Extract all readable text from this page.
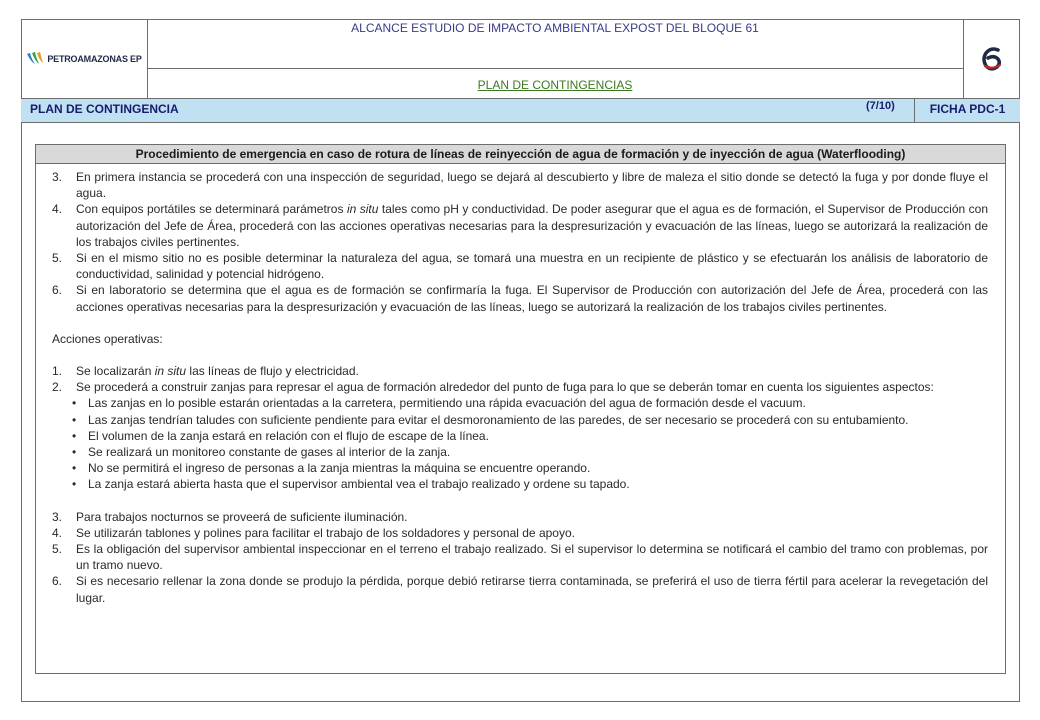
PETROAMAZONAS EP
ALCANCE ESTUDIO DE IMPACTO AMBIENTAL EXPOST DEL BLOQUE 61
PLAN DE CONTINGENCIAS
PLAN DE CONTINGENCIA	(7/10)	FICHA PDC-1
Procedimiento de emergencia en caso de rotura de líneas de reinyección de agua de formación y de inyección de agua (Waterflooding)
3.	En primera instancia se procederá con una inspección de seguridad, luego se dejará al descubierto y libre de maleza el sitio donde se detectó la fuga y por donde fluye el agua.
4.	Con equipos portátiles se determinará parámetros in situ tales como pH y conductividad. De poder asegurar que el agua es de formación, el Supervisor de Producción con autorización del Jefe de Área, procederá con las acciones operativas necesarias para la despresurización y evacuación de las líneas, luego se autorizará la realización de los trabajos civiles pertinentes.
5.	Si en el mismo sitio no es posible determinar la naturaleza del agua, se tomará una muestra en un recipiente de plástico y se efectuarán los análisis de laboratorio de conductividad, salinidad y potencial hidrógeno.
6.	Si en laboratorio se determina que el agua es de formación se confirmaría la fuga. El Supervisor de Producción con autorización del Jefe de Área, procederá con las acciones operativas necesarias para la despresurización y evacuación de las líneas, luego se autorizará la realización de los trabajos civiles pertinentes.

Acciones operativas:

1.	Se localizarán in situ las líneas de flujo y electricidad.
2.	Se procederá a construir zanjas para represar el agua de formación alrededor del punto de fuga para lo que se deberán tomar en cuenta los siguientes aspectos:
• Las zanjas en lo posible estarán orientadas a la carretera, permitiendo una rápida evacuación del agua de formación desde el vacuum.
• Las zanjas tendrían taludes con suficiente pendiente para evitar el desmoronamiento de las paredes, de ser necesario se procederá con su entubamiento.
• El volumen de la zanja estará en relación con el flujo de escape de la línea.
• Se realizará un monitoreo constante de gases al interior de la zanja.
• No se permitirá el ingreso de personas a la zanja mientras la máquina se encuentre operando.
• La zanja estará abierta hasta que el supervisor ambiental vea el trabajo realizado y ordene su tapado.
3.	Para trabajos nocturnos se proveerá de suficiente iluminación.
4.	Se utilizarán tablones y polines para facilitar el trabajo de los soldadores y personal de apoyo.
5.	Es la obligación del supervisor ambiental inspeccionar en el terreno el trabajo realizado. Si el supervisor lo determina se notificará el cambio del tramo con problemas, por un tramo nuevo.
6.	Si es necesario rellenar la zona donde se produjo la pérdida, porque debió retirarse tierra contaminada, se preferirá el uso de tierra fértil para acelerar la revegetación del lugar.
